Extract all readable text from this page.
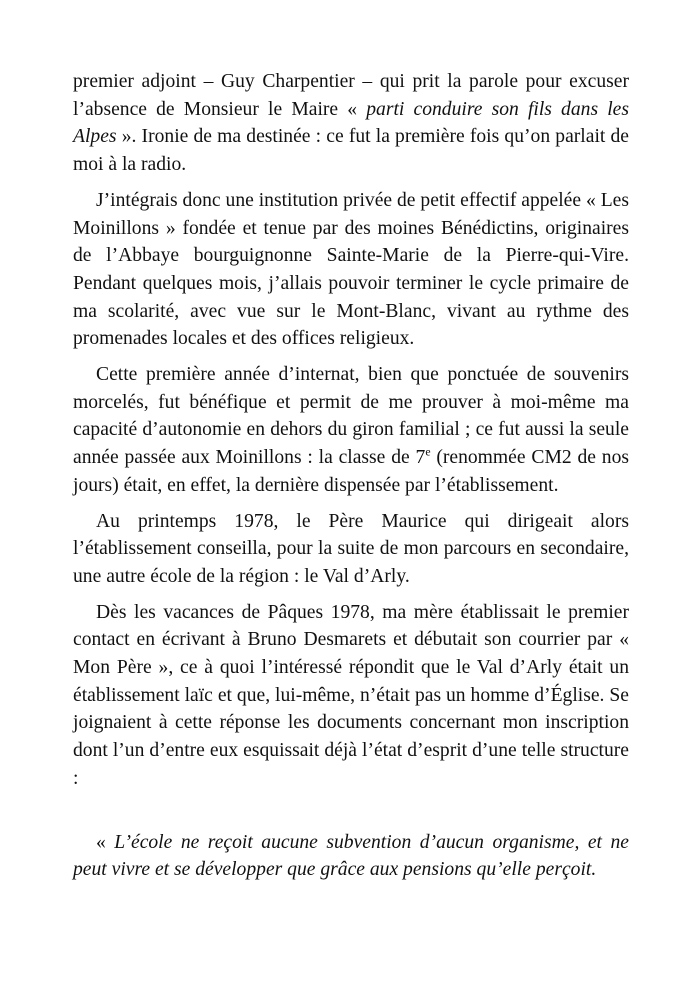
premier adjoint – Guy Charpentier – qui prit la parole pour excuser l’absence de Monsieur le Maire « parti conduire son fils dans les Alpes ». Ironie de ma destinée : ce fut la première fois qu’on parlait de moi à la radio.

J’intégrais donc une institution privée de petit effectif appelée « Les Moinillons » fondée et tenue par des moines Bénédictins, originaires de l’Abbaye bourguignonne Sainte-Marie de la Pierre-qui-Vire. Pendant quelques mois, j’allais pouvoir terminer le cycle primaire de ma scolarité, avec vue sur le Mont-Blanc, vivant au rythme des promenades locales et des offices religieux.

Cette première année d’internat, bien que ponctuée de souvenirs morcelés, fut bénéfique et permit de me prouver à moi-même ma capacité d’autonomie en dehors du giron familial ; ce fut aussi la seule année passée aux Moinillons : la classe de 7e (renommée CM2 de nos jours) était, en effet, la dernière dispensée par l’établissement.

Au printemps 1978, le Père Maurice qui dirigeait alors l’établissement conseilla, pour la suite de mon parcours en secondaire, une autre école de la région : le Val d’Arly.

Dès les vacances de Pâques 1978, ma mère établissait le premier contact en écrivant à Bruno Desmarets et débutait son courrier par « Mon Père », ce à quoi l’intéressé répondit que le Val d’Arly était un établissement laïc et que, lui-même, n’était pas un homme d’Église. Se joignaient à cette réponse les documents concernant mon inscription dont l’un d’entre eux esquissait déjà l’état d’esprit d’une telle structure :

« L’école ne reçoit aucune subvention d’aucun organisme, et ne peut vivre et se développer que grâce aux pensions qu’elle perçoit.
